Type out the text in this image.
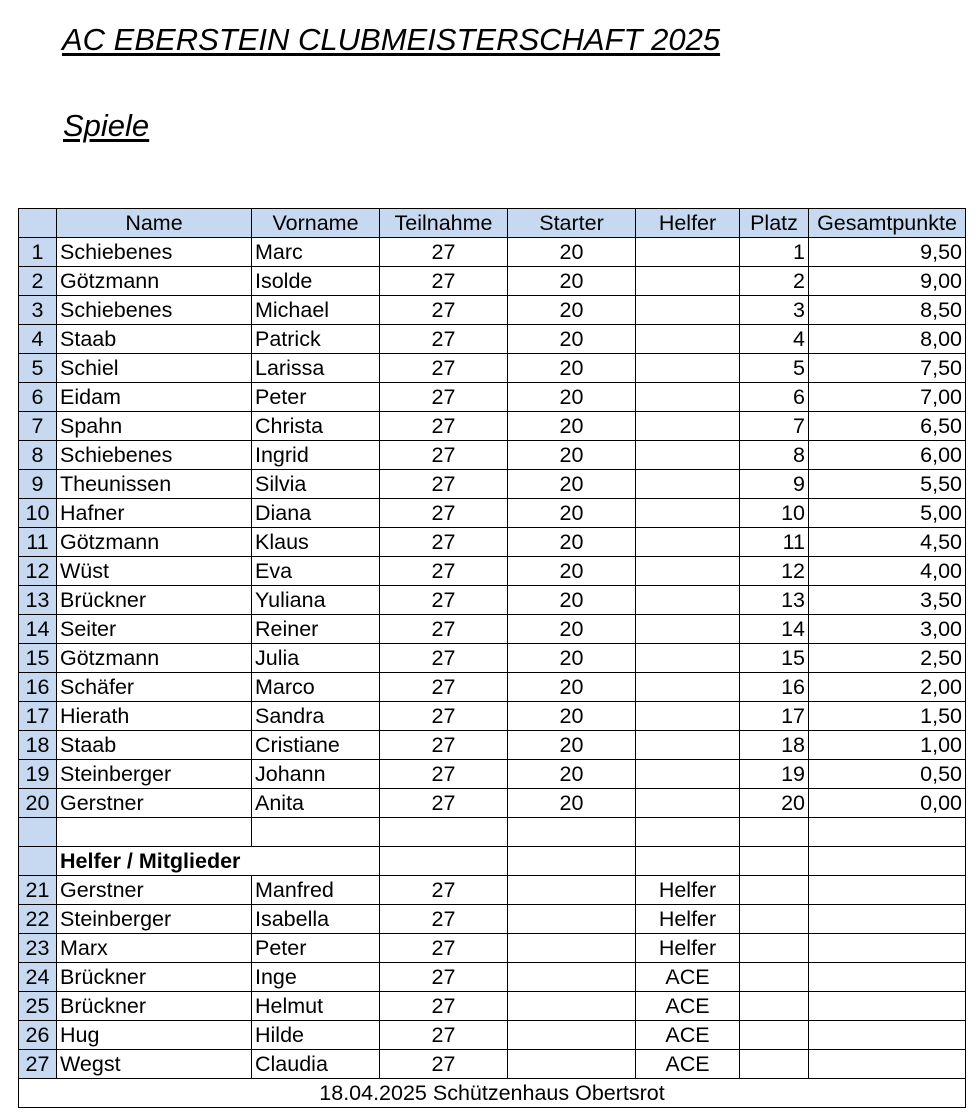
AC EBERSTEIN CLUBMEISTERSCHAFT 2025
Spiele
	Name	Vorname	Teilnahme	Starter	Helfer	Platz	Gesamtpunkte
1	Schiebenes	Marc	27	20		1	9,50
2	Götzmann	Isolde	27	20		2	9,00
3	Schiebenes	Michael	27	20		3	8,50
4	Staab	Patrick	27	20		4	8,00
5	Schiel	Larissa	27	20		5	7,50
6	Eidam	Peter	27	20		6	7,00
7	Spahn	Christa	27	20		7	6,50
8	Schiebenes	Ingrid	27	20		8	6,00
9	Theunissen	Silvia	27	20		9	5,50
10	Hafner	Diana	27	20		10	5,00
11	Götzmann	Klaus	27	20		11	4,50
12	Wüst	Eva	27	20		12	4,00
13	Brückner	Yuliana	27	20		13	3,50
14	Seiter	Reiner	27	20		14	3,00
15	Götzmann	Julia	27	20		15	2,50
16	Schäfer	Marco	27	20		16	2,00
17	Hierath	Sandra	27	20		17	1,50
18	Staab	Cristiane	27	20		18	1,00
19	Steinberger	Johann	27	20		19	0,50
20	Gerstner	Anita	27	20		20	0,00

	Helfer / Mitglieder						
21	Gerstner	Manfred	27		Helfer		
22	Steinberger	Isabella	27		Helfer		
23	Marx	Peter	27		Helfer		
24	Brückner	Inge	27		ACE		
25	Brückner	Helmut	27		ACE		
26	Hug	Hilde	27		ACE		
27	Wegst	Claudia	27		ACE		
18.04.2025 Schützenhaus Obertsrot							
